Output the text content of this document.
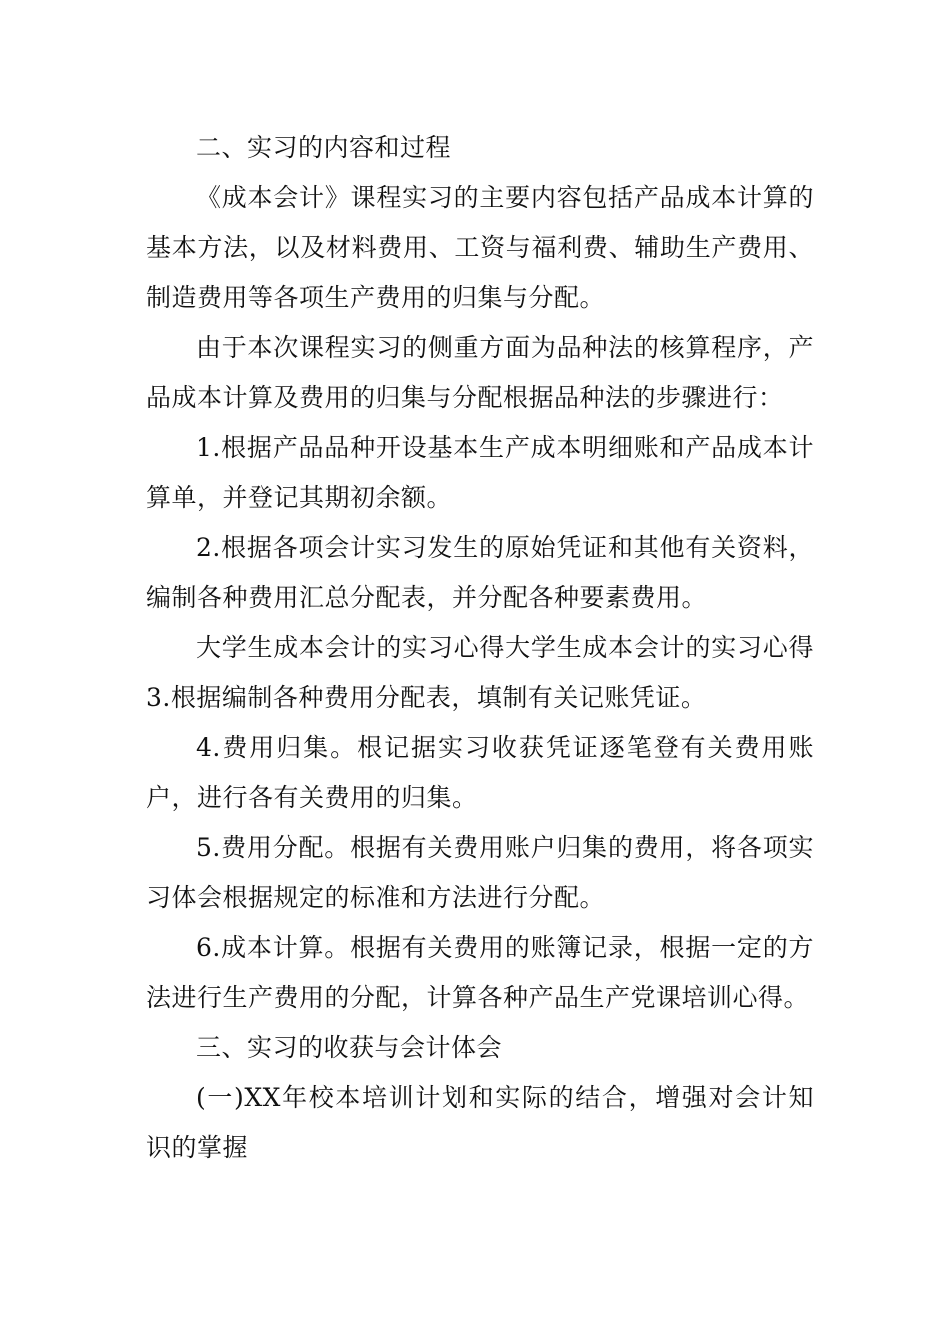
二、实习的内容和过程

《成本会计》课程实习的主要内容包括产品成本计算的基本方法，以及材料费用、工资与福利费、辅助生产费用、制造费用等各项生产费用的归集与分配。

由于本次课程实习的侧重方面为品种法的核算程序，产品成本计算及费用的归集与分配根据品种法的步骤进行：

1.根据产品品种开设基本生产成本明细账和产品成本计算单，并登记其期初余额。

2.根据各项会计实习发生的原始凭证和其他有关资料，编制各种费用汇总分配表，并分配各种要素费用。

大学生成本会计的实习心得大学生成本会计的实习心得3.根据编制各种费用分配表，填制有关记账凭证。

4.费用归集。根记据实习收获凭证逐笔登有关费用账户，进行各有关费用的归集。

5.费用分配。根据有关费用账户归集的费用，将各项实习体会根据规定的标准和方法进行分配。

6.成本计算。根据有关费用的账簿记录，根据一定的方法进行生产费用的分配，计算各种产品生产党课培训心得。

三、实习的收获与会计体会

(一)XX年校本培训计划和实际的结合，增强对会计知识的掌握
